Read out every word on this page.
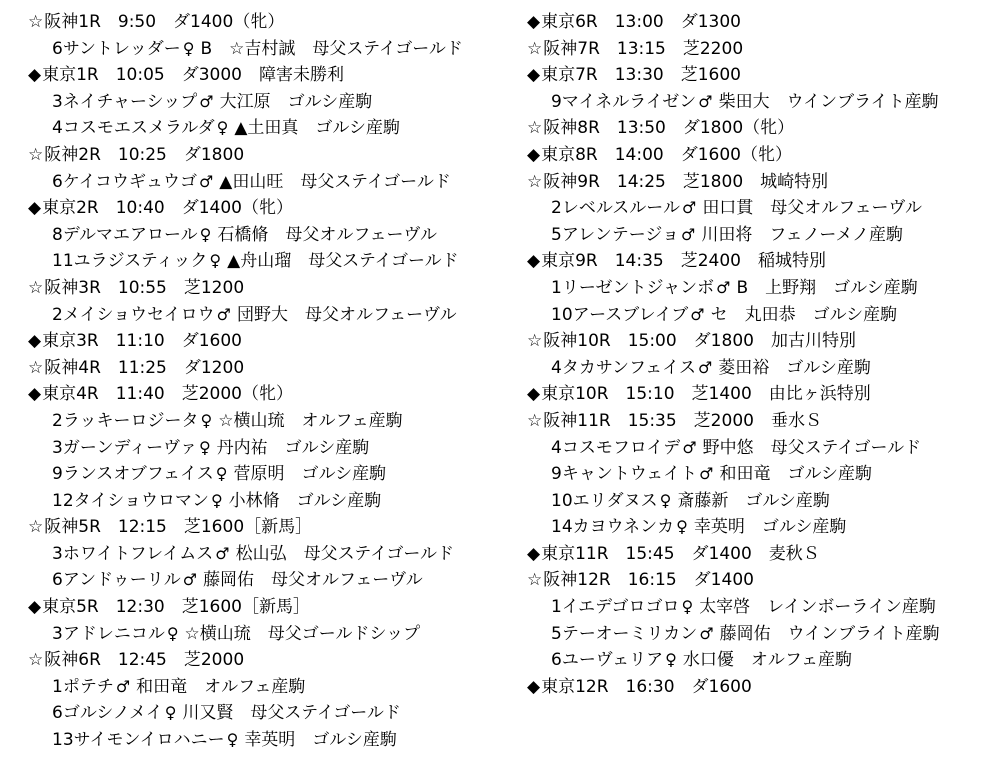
☆阪神1R　9:50　ダ1400（牝）
6サントレッダー ♀ B　☆吉村誠　母父ステイゴールド
◆東京1R　10:05　ダ3000　障害未勝利
3ネイチャーシップ ♂ 大江原　ゴルシ産駒
4コスモエスメラルダ ♀ ▲土田真　ゴルシ産駒
☆阪神2R　10:25　ダ1800
6ケイコウギュウゴ ♂ ▲田山旺　母父ステイゴールド
◆東京2R　10:40　ダ1400（牝）
8デルマエアロール ♀ 石橋脩　母父オルフェーヴル
11ユラジスティック ♀ ▲舟山瑠　母父ステイゴールド
☆阪神3R　10:55　芝1200
2メイショウセイロウ ♂ 団野大　母父オルフェーヴル
◆東京3R　11:10　ダ1600
☆阪神4R　11:25　ダ1200
◆東京4R　11:40　芝2000（牝）
2ラッキーロジータ ♀ ☆横山琉　オルフェ産駒
3ガーンディーヴァ ♀ 丹内祐　ゴルシ産駒
9ランスオブフェイス ♀ 菅原明　ゴルシ産駒
12タイショウロマン ♀ 小林脩　ゴルシ産駒
☆阪神5R　12:15　芝1600［新馬］
3ホワイトフレイムス ♂ 松山弘　母父ステイゴールド
6アンドゥーリル ♂ 藤岡佑　母父オルフェーヴル
◆東京5R　12:30　芝1600［新馬］
3アドレニコル ♀ ☆横山琉　母父ゴールドシップ
☆阪神6R　12:45　芝2000
1ポテチ ♂ 和田竜　オルフェ産駒
6ゴルシノメイ ♀ 川又賢　母父ステイゴールド
13サイモンイロハニー ♀ 幸英明　ゴルシ産駒
◆東京6R　13:00　ダ1300
☆阪神7R　13:15　芝2200
◆東京7R　13:30　芝1600
9マイネルライゼン ♂ 柴田大　ウインブライト産駒
☆阪神8R　13:50　ダ1800（牝）
◆東京8R　14:00　ダ1600（牝）
☆阪神9R　14:25　芝1800　城崎特別
2レベルスルール ♂ 田口貫　母父オルフェーヴル
5アレンテージョ ♂ 川田将　フェノーメノ産駒
◆東京9R　14:35　芝2400　稲城特別
1リーゼントジャンボ ♂ B　上野翔　ゴルシ産駒
10アースブレイブ ♂ セ　丸田恭　ゴルシ産駒
☆阪神10R　15:00　ダ1800　加古川特別
4タカサンフェイス ♂ 菱田裕　ゴルシ産駒
◆東京10R　15:10　芝1400　由比ヶ浜特別
☆阪神11R　15:35　芝2000　垂水Ｓ
4コスモフロイデ ♂ 野中悠　母父ステイゴールド
9キャントウェイト ♂ 和田竜　ゴルシ産駒
10エリダヌス ♀ 斎藤新　ゴルシ産駒
14カヨウネンカ ♀ 幸英明　ゴルシ産駒
◆東京11R　15:45　ダ1400　麦秋Ｓ
☆阪神12R　16:15　ダ1400
1イエデゴロゴロ ♀ 太宰啓　レインボーライン産駒
5テーオーミリカン ♂ 藤岡佑　ウインブライト産駒
6ユーヴェリア ♀ 水口優　オルフェ産駒
◆東京12R　16:30　ダ1600
